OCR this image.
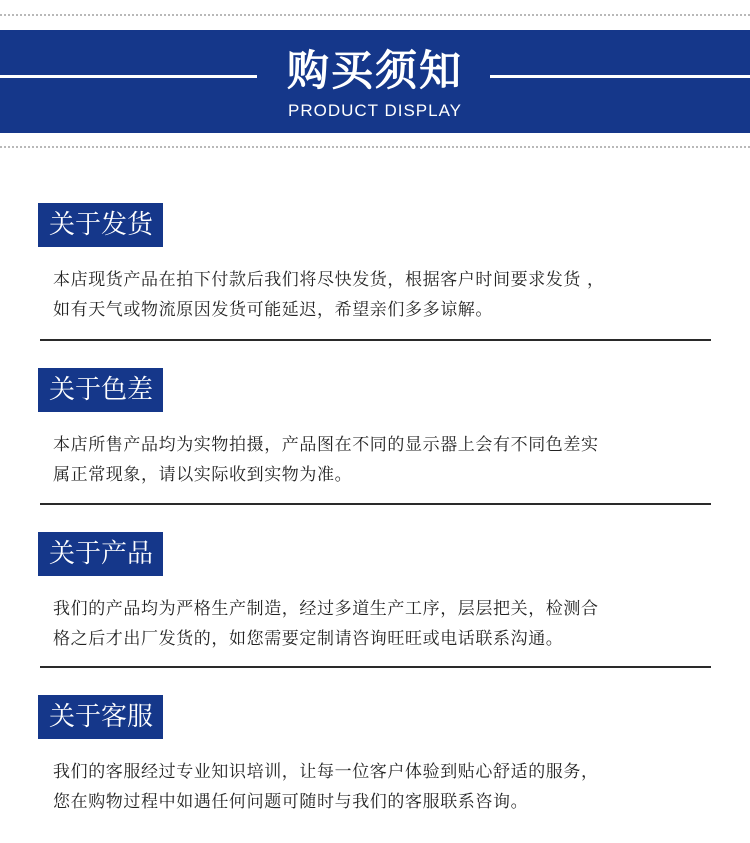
购买须知
PRODUCT DISPLAY
关于发货
本店现货产品在拍下付款后我们将尽快发货，根据客户时间要求发货 ，
如有天气或物流原因发货可能延迟，希望亲们多多谅解。
关于色差
本店所售产品均为实物拍摄，产品图在不同的显示器上会有不同色差实
属正常现象，请以实际收到实物为准。
关于产品
我们的产品均为严格生产制造，经过多道生产工序，层层把关，检测合
格之后才出厂发货的，如您需要定制请咨询旺旺或电话联系沟通。
关于客服
我们的客服经过专业知识培训，让每一位客户体验到贴心舒适的服务，
您在购物过程中如遇任何问题可随时与我们的客服联系咨询。
